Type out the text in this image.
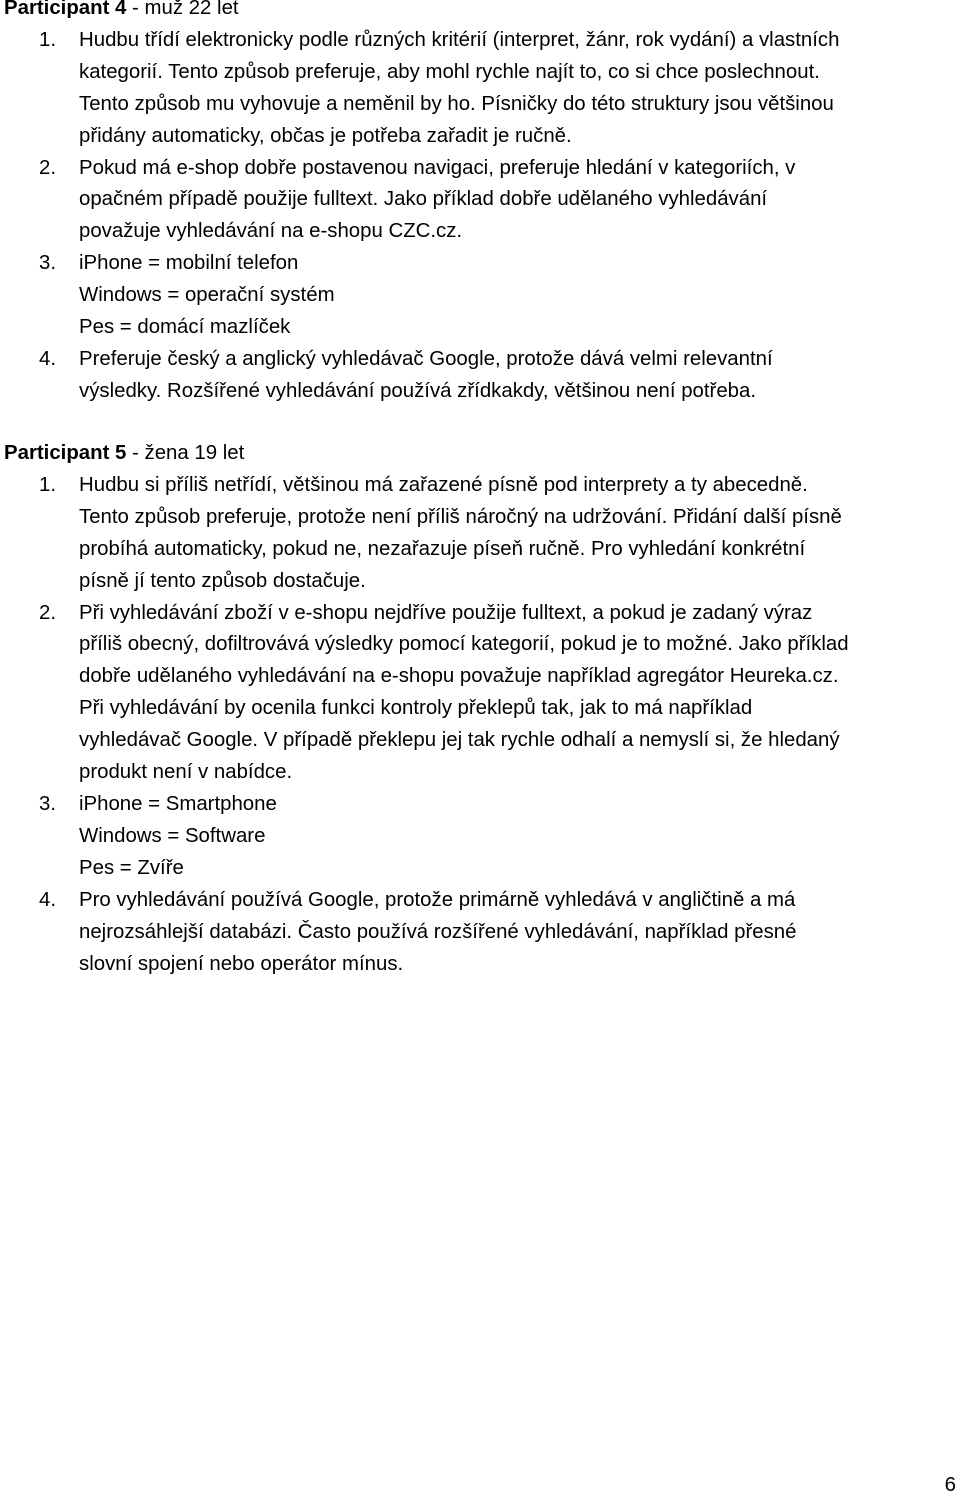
Participant 4 - muž 22 let
1. Hudbu třídí elektronicky podle různých kritérií (interpret, žánr, rok vydání) a vlastních
kategorií. Tento způsob preferuje, aby mohl rychle najít to, co si chce poslechnout.
Tento způsob mu vyhovuje a neměnil by ho. Písničky do této struktury jsou většinou
přidány automaticky, občas je potřeba zařadit je ručně.
2. Pokud má e-shop dobře postavenou navigaci, preferuje hledání v kategoriích, v
opačném případě použije fulltext. Jako příklad dobře udělaného vyhledávání
považuje vyhledávání na e-shopu CZC.cz.
3. iPhone = mobilní telefon
Windows = operační systém
Pes = domácí mazlíček
4. Preferuje český a anglický vyhledávač Google, protože dává velmi relevantní
výsledky. Rozšířené vyhledávání používá zřídkakdy, většinou není potřeba.
Participant 5 - žena 19 let
1. Hudbu si příliš netřídí, většinou má zařazené písně pod interprety a ty abecedně.
Tento způsob preferuje, protože není příliš náročný na udržování. Přidání další písně
probíhá automaticky, pokud ne, nezařazuje píseň ručně. Pro vyhledání konkrétní
písně jí tento způsob dostačuje.
2. Při vyhledávání zboží v e-shopu nejdříve použije fulltext, a pokud je zadaný výraz
příliš obecný, dofiltrovává výsledky pomocí kategorií, pokud je to možné. Jako příklad
dobře udělaného vyhledávání na e-shopu považuje například agregátor Heureka.cz.
Při vyhledávání by ocenila funkci kontroly překlepů tak, jak to má například
vyhledávač Google. V případě překlepu jej tak rychle odhalí a nemyslí si, že hledaný
produkt není v nabídce.
3. iPhone = Smartphone
Windows = Software
Pes = Zvíře
4. Pro vyhledávání používá Google, protože primárně vyhledává v angličtině a má
nejrozsáhlejší databázi. Často používá rozšířené vyhledávání, například přesné
slovní spojení nebo operátor mínus.
6
